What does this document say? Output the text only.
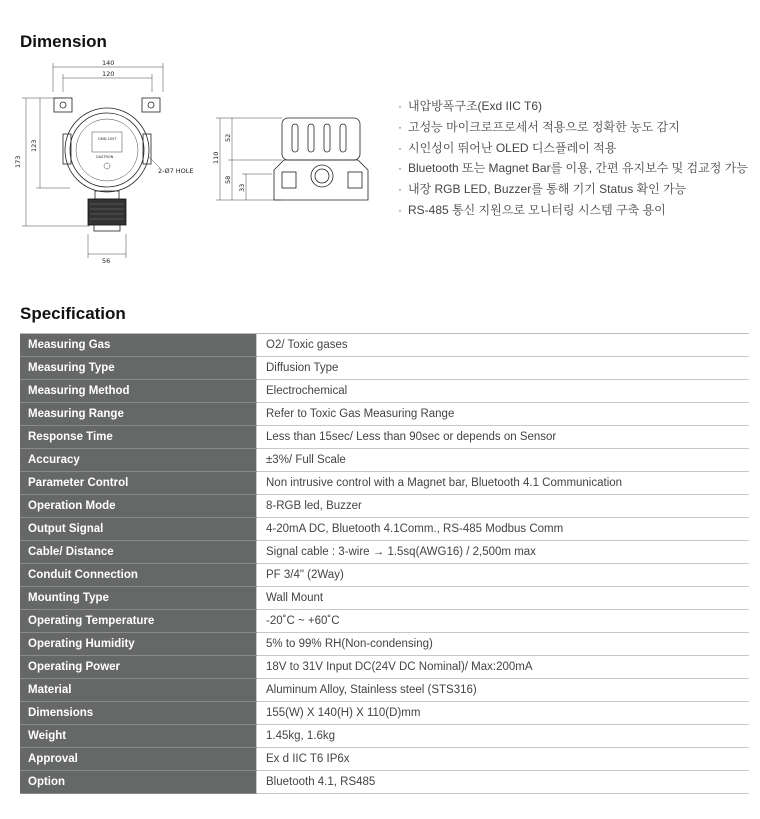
Dimension
140
120
173
123
GMD-100T
GASTRON
2-Ø7 HOLE
56
110
52
58
33
· 내압방폭구조(Exd IIC T6)
· 고성능 마이크로프로세서 적용으로 정확한 농도 감지
· 시인성이 뛰어난 OLED 디스플레이 적용
· Bluetooth 또는 Magnet Bar를 이용, 간편 유지보수 및 검교정 가능
· 내장 RGB LED, Buzzer를 통해 기기 Status 확인 가능
· RS-485 통신 지원으로 모니터링 시스템 구축 용이
Specification
Measuring Gas	O2/ Toxic gases
Measuring Type	Diffusion Type
Measuring Method	Electrochemical
Measuring Range	Refer to Toxic Gas Measuring Range
Response Time	Less than 15sec/ Less than 90sec or depends on Sensor
Accuracy	±3%/ Full Scale
Parameter Control	Non intrusive control with a Magnet bar, Bluetooth 4.1 Communication
Operation Mode	8-RGB led, Buzzer
Output Signal	4-20mA DC, Bluetooth 4.1Comm., RS-485 Modbus Comm
Cable/ Distance	Signal cable : 3-wire → 1.5sq(AWG16) / 2,500m max
Conduit Connection	PF 3/4" (2Way)
Mounting Type	Wall Mount
Operating Temperature	-20˚C ~ +60˚C
Operating Humidity	5% to 99% RH(Non-condensing)
Operating Power	18V to 31V Input DC(24V DC Nominal)/ Max:200mA
Material	Aluminum Alloy, Stainless steel (STS316)
Dimensions	155(W) X 140(H) X 110(D)mm
Weight	1.45kg, 1.6kg
Approval	Ex d IIC T6 IP6x
Option	Bluetooth 4.1, RS485
